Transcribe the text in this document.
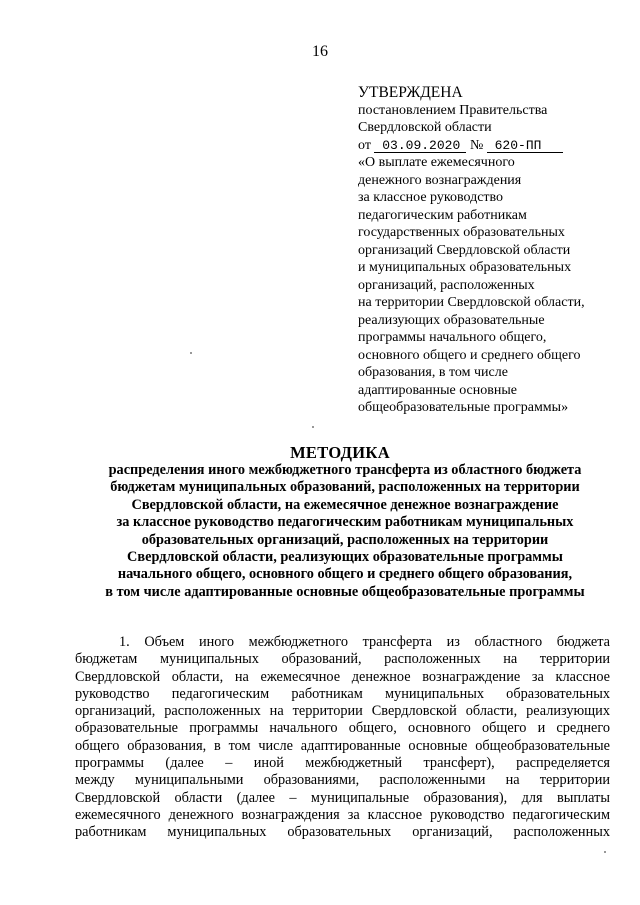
16
УТВЕРЖДЕНА
постановлением Правительства
Свердловской области
от 03.09.2020 № 620-ПП
«О выплате ежемесячного
денежного вознаграждения
за классное руководство
педагогическим работникам
государственных образовательных
организаций Свердловской области
и муниципальных образовательных
организаций, расположенных
на территории Свердловской области,
реализующих образовательные
программы начального общего,
основного общего и среднего общего
образования, в том числе
адаптированные основные
общеобразовательные программы»
МЕТОДИКА
распределения иного межбюджетного трансферта из областного бюджета
бюджетам муниципальных образований, расположенных на территории
Свердловской области, на ежемесячное денежное вознаграждение
за классное руководство педагогическим работникам муниципальных
образовательных организаций, расположенных на территории
Свердловской области, реализующих образовательные программы
начального общего, основного общего и среднего общего образования,
в том числе адаптированные основные общеобразовательные программы
1. Объем иного межбюджетного трансферта из областного бюджета
бюджетам муниципальных образований, расположенных на территории
Свердловской области, на ежемесячное денежное вознаграждение за классное
руководство педагогическим работникам муниципальных образовательных
организаций, расположенных на территории Свердловской области, реализующих
образовательные программы начального общего, основного общего и среднего
общего образования, в том числе адаптированные основные общеобразовательные
программы (далее – иной межбюджетный трансферт), распределяется
между муниципальными образованиями, расположенными на территории
Свердловской области (далее – муниципальные образования), для выплаты
ежемесячного денежного вознаграждения за классное руководство педагогическим
работникам муниципальных образовательных организаций, расположенных
